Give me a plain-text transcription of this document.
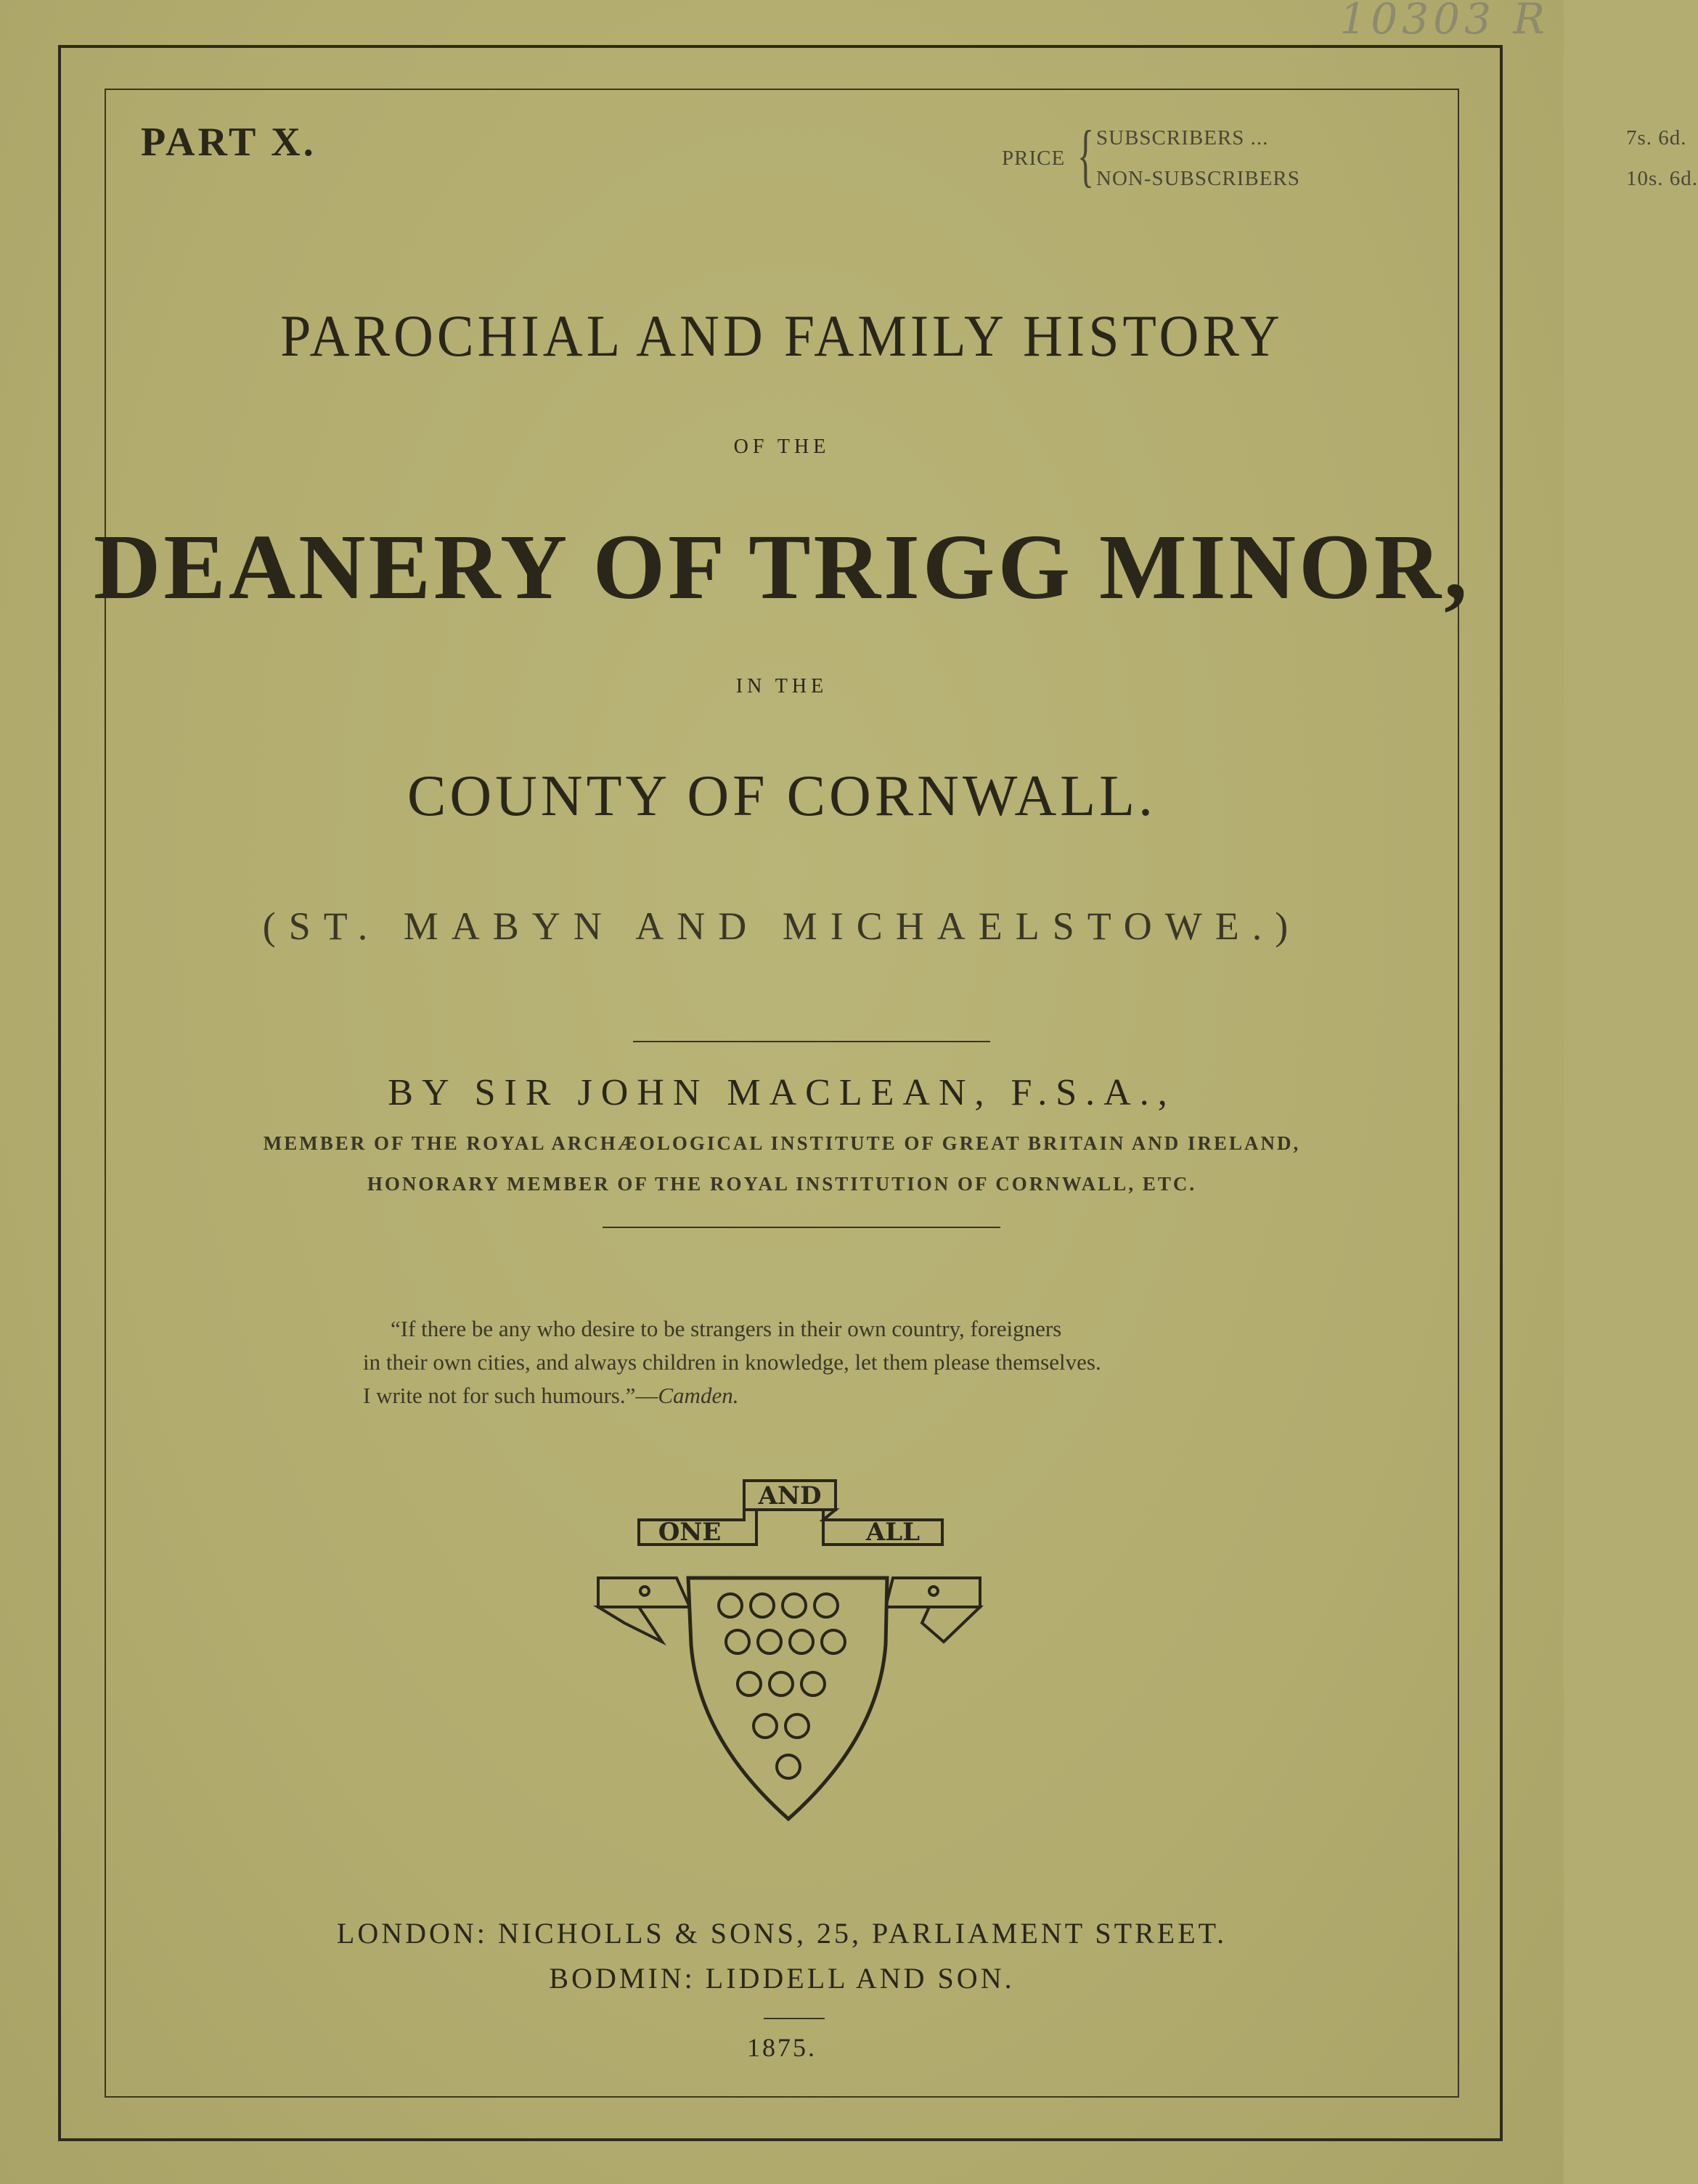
10303 R
PART X.	PRICE { SUBSCRIBERS ...	7s. 6d.
NON-SUBSCRIBERS	10s. 6d.
PAROCHIAL AND FAMILY HISTORY
OF THE
DEANERY OF TRIGG MINOR,
IN THE
COUNTY OF CORNWALL.
(ST. MABYN AND MICHAELSTOWE.)
BY SIR JOHN MACLEAN, F.S.A.,
MEMBER OF THE ROYAL ARCHÆOLOGICAL INSTITUTE OF GREAT BRITAIN AND IRELAND,
HONORARY MEMBER OF THE ROYAL INSTITUTION OF CORNWALL, ETC.
“If there be any who desire to be strangers in their own country, foreigners
in their own cities, and always children in knowledge, let them please themselves.
I write not for such humours.”—Camden.
AND
ONE	ALL
LONDON: NICHOLLS & SONS, 25, PARLIAMENT STREET.
BODMIN: LIDDELL AND SON.
1875.
